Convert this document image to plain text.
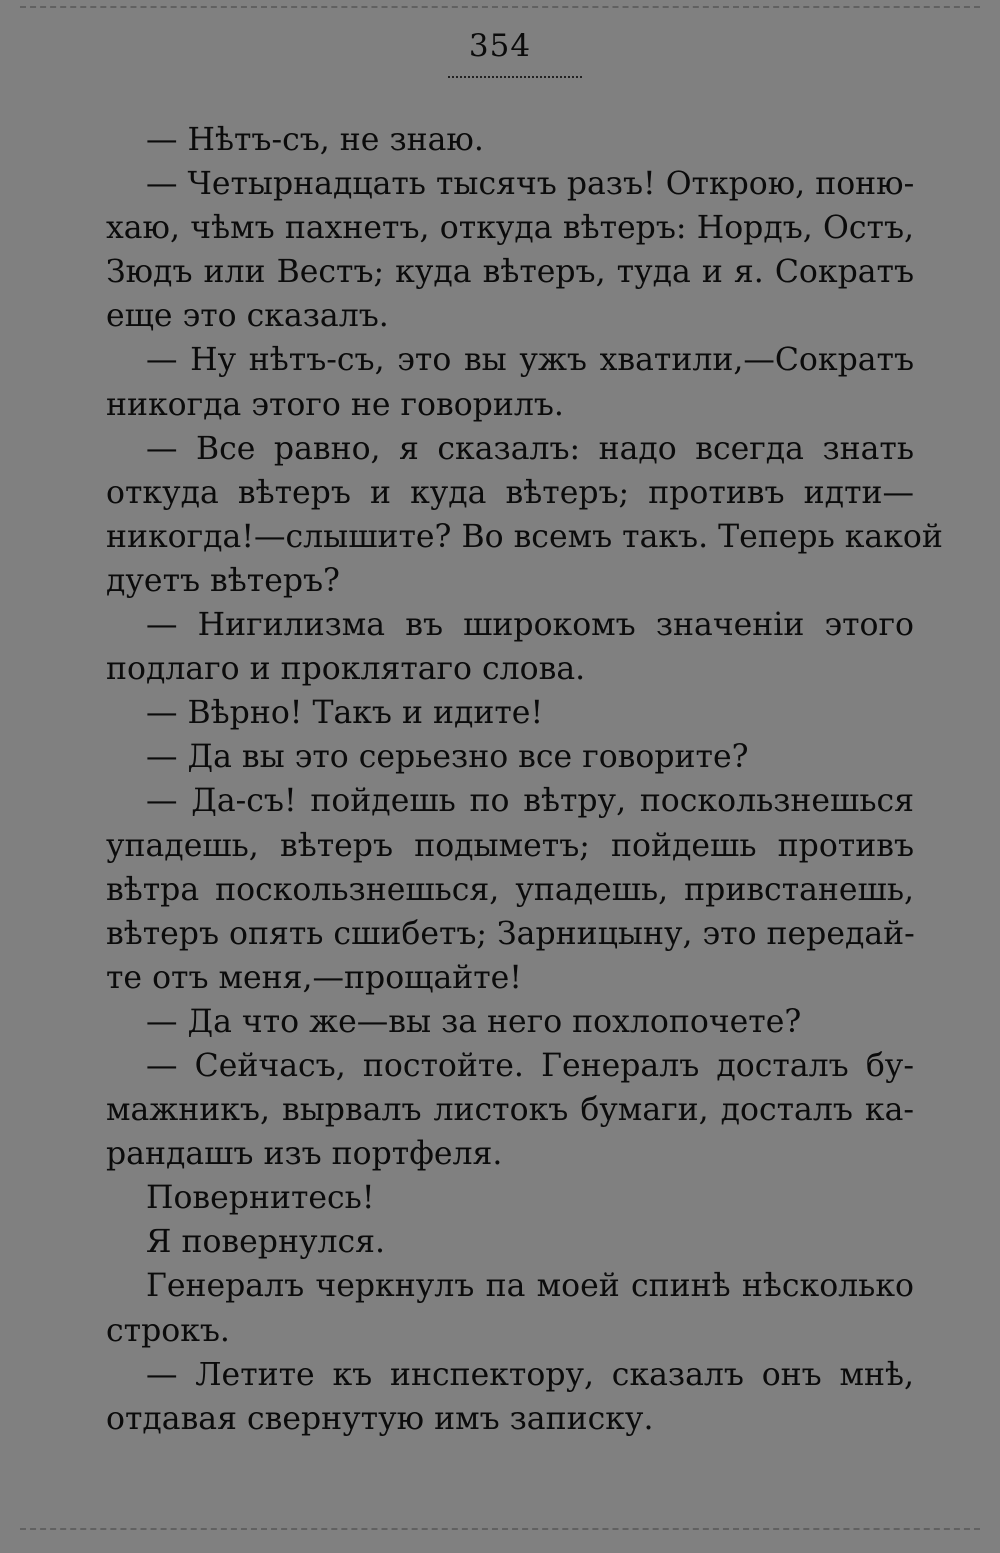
354
— Нѣтъ-съ, не знаю.
— Четырнадцать тысячъ разъ! Открою, поню-
хаю, чѣмъ пахнетъ, откуда вѣтеръ: Нордъ, Остъ,
Зюдъ или Вестъ; куда вѣтеръ, туда и я. Сократъ
еще это сказалъ.
— Ну нѣтъ-съ, это вы ужъ хватили,—Сократъ
никогда этого не говорилъ.
— Все равно, я сказалъ: надо всегда знать
откуда вѣтеръ и куда вѣтеръ; противъ идти—
никогда!—слышите? Во всемъ такъ. Теперь какой
дуетъ вѣтеръ?
— Нигилизма въ широкомъ значенiи этого
подлаго и проклятаго слова.
— Вѣрно! Такъ и идите!
— Да вы это серьезно все говорите?
— Да-съ! пойдешь по вѣтру, поскользнешься
упадешь, вѣтеръ подыметъ; пойдешь противъ
вѣтра поскользнешься, упадешь, привстанешь,
вѣтеръ опять сшибетъ; Зарницыну, это передай-
те отъ меня,—прощайте!
— Да что же—вы за него похлопочете?
— Сейчасъ, постойте. Генералъ досталъ бу-
мажникъ, вырвалъ листокъ бумаги, досталъ ка-
рандашъ изъ портфеля.
Повернитесь!
Я повернулся.
Генералъ черкнулъ па моей спинѣ нѣсколько
строкъ.
— Летите къ инспектору, сказалъ онъ мнѣ,
отдавая свернутую имъ записку.
